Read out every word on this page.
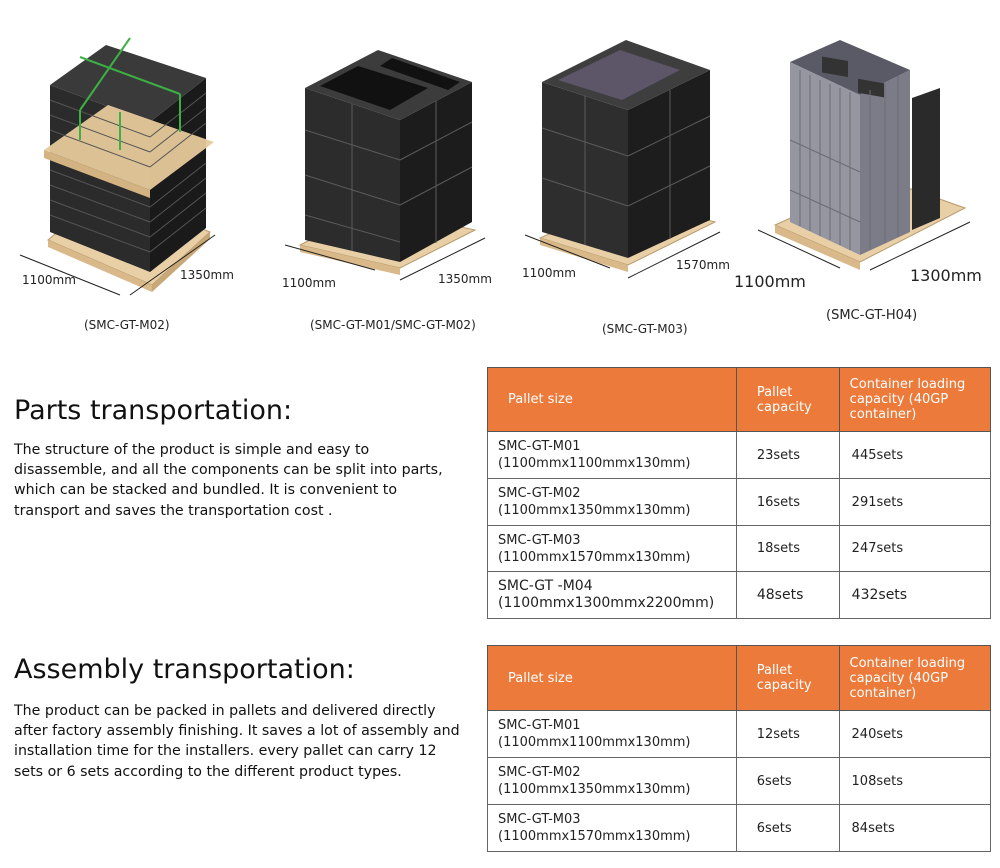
1100mm	1350mm
(SMC-GT-M02)
1100mm	1350mm
(SMC-GT-M01/SMC-GT-M02)
1100mm
1570mm
(SMC-GT-M03)
1100mm	1300mm
(SMC-GT-H04)
Parts transportation:

The structure of the product is simple and easy to disassemble, and all the components can be split into parts, which can be stacked and bundled. It is convenient to transport and saves the transportation cost .

Pallet size	Pallet capacity	Container loading capacity (40GP container)

SMC-GT-M01
(1100mmx1100mmx130mm)	23sets	445sets

SMC-GT-M02
(1100mmx1350mmx130mm)	16sets	291sets

SMC-GT-M03
(1100mmx1570mmx130mm)	18sets	247sets

SMC-GT -M04
(1100mmx1300mmx2200mm)	48sets	432sets
Assembly transportation:

The product can be packed in pallets and delivered directly after factory assembly finishing. It saves a lot of assembly and installation time for the installers. every pallet can carry 12 sets or 6 sets according to the different product types.

Pallet size	Pallet capacity	Container loading capacity (40GP container)

SMC-GT-M01
(1100mmx1100mmx130mm)	12sets	240sets

SMC-GT-M02
(1100mmx1350mmx130mm)	6sets	108sets

SMC-GT-M03
(1100mmx1570mmx130mm)	6sets	84sets
